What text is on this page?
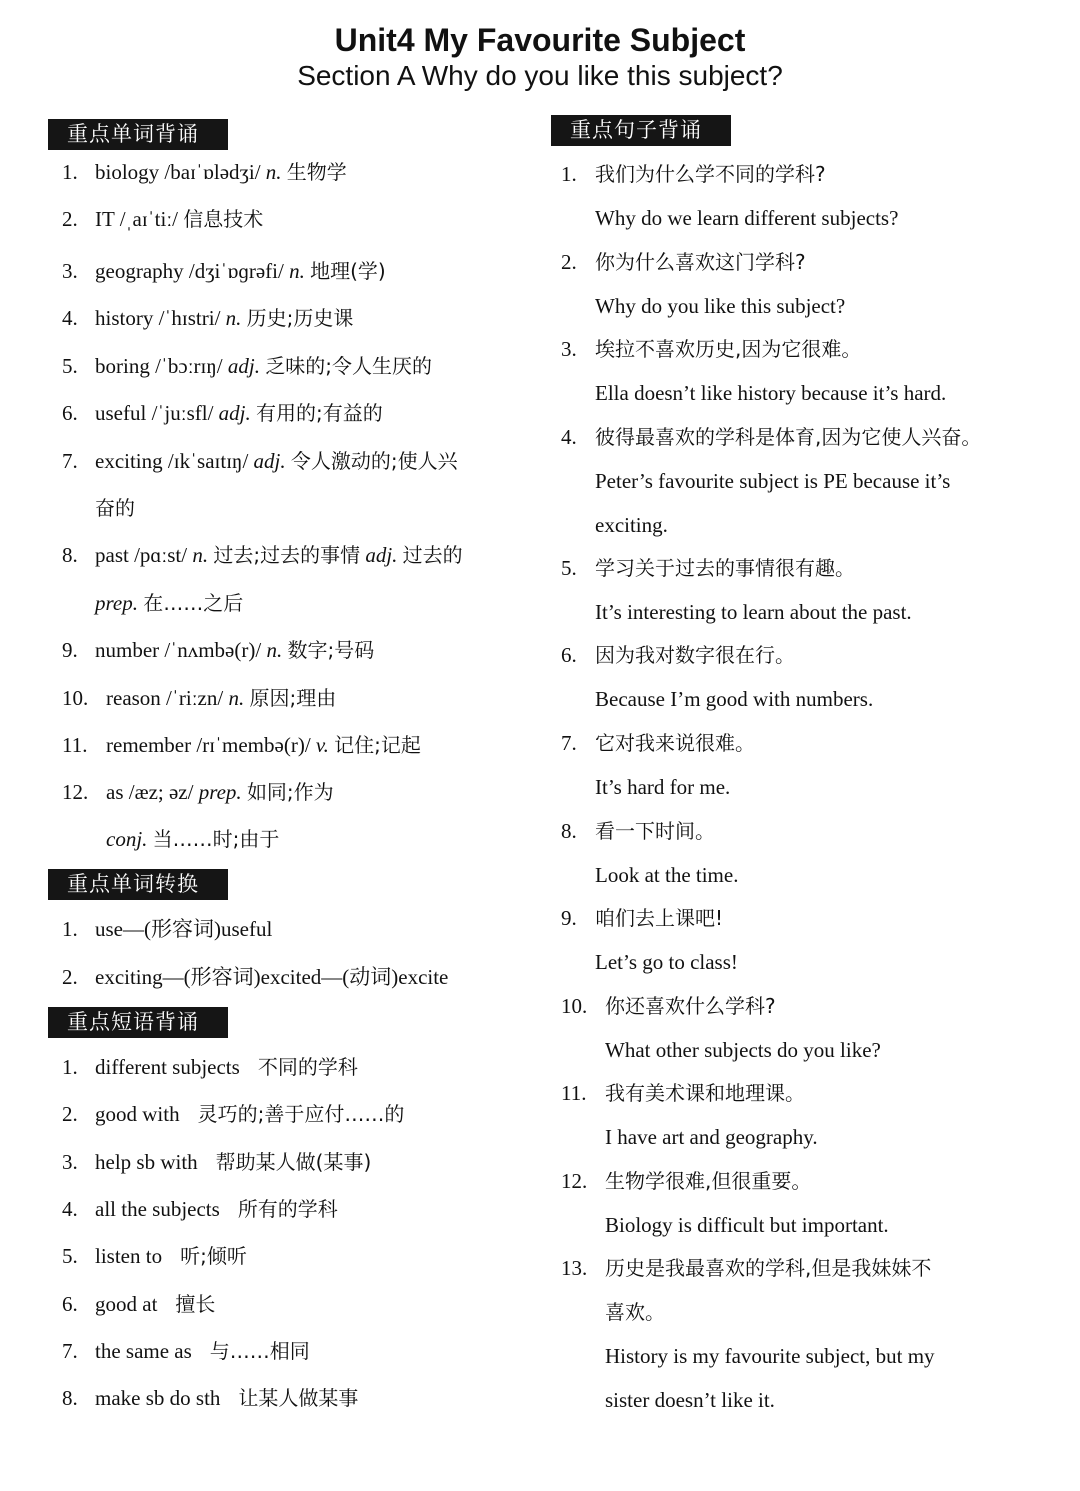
Unit4 My Favourite Subject
Section A Why do you like this subject?
重点单词背诵
1. biology /baɪˈɒlədʒi/ n. 生物学
2. IT /ˌaɪˈtiː/ 信息技术
3. geography /dʒiˈɒɡrəfi/ n. 地理(学)
4. history /ˈhɪstri/ n. 历史;历史课
5. boring /ˈbɔːrɪŋ/ adj. 乏味的;令人生厌的
6. useful /ˈjuːsfl/ adj. 有用的;有益的
7. exciting /ɪkˈsaɪtɪŋ/ adj. 令人激动的;使人兴
奋的
8. past /pɑːst/ n. 过去;过去的事情 adj. 过去的
prep. 在……之后
9. number /ˈnʌmbə(r)/ n. 数字;号码
10. reason /ˈriːzn/ n. 原因;理由
11. remember /rɪˈmembə(r)/ v. 记住;记起
12. as /æz; əz/ prep. 如同;作为
conj. 当……时;由于
重点单词转换
1. use—(形容词)useful
2. exciting—(形容词)excited—(动词)excite
重点短语背诵
1. different subjects 不同的学科
2. good with 灵巧的;善于应付……的
3. help sb with 帮助某人做(某事)
4. all the subjects 所有的学科
5. listen to 听;倾听
6. good at 擅长
7. the same as 与……相同
8. make sb do sth 让某人做某事
重点句子背诵
1. 我们为什么学不同的学科?
Why do we learn different subjects?
2. 你为什么喜欢这门学科?
Why do you like this subject?
3. 埃拉不喜欢历史,因为它很难。
Ella doesn’t like history because it’s hard.
4. 彼得最喜欢的学科是体育,因为它使人兴奋。
Peter’s favourite subject is PE because it’s
exciting.
5. 学习关于过去的事情很有趣。
It’s interesting to learn about the past.
6. 因为我对数字很在行。
Because I’m good with numbers.
7. 它对我来说很难。
It’s hard for me.
8. 看一下时间。
Look at the time.
9. 咱们去上课吧!
Let’s go to class!
10. 你还喜欢什么学科?
What other subjects do you like?
11. 我有美术课和地理课。
I have art and geography.
12. 生物学很难,但很重要。
Biology is difficult but important.
13. 历史是我最喜欢的学科,但是我妹妹不
喜欢。
History is my favourite subject, but my
sister doesn’t like it.
